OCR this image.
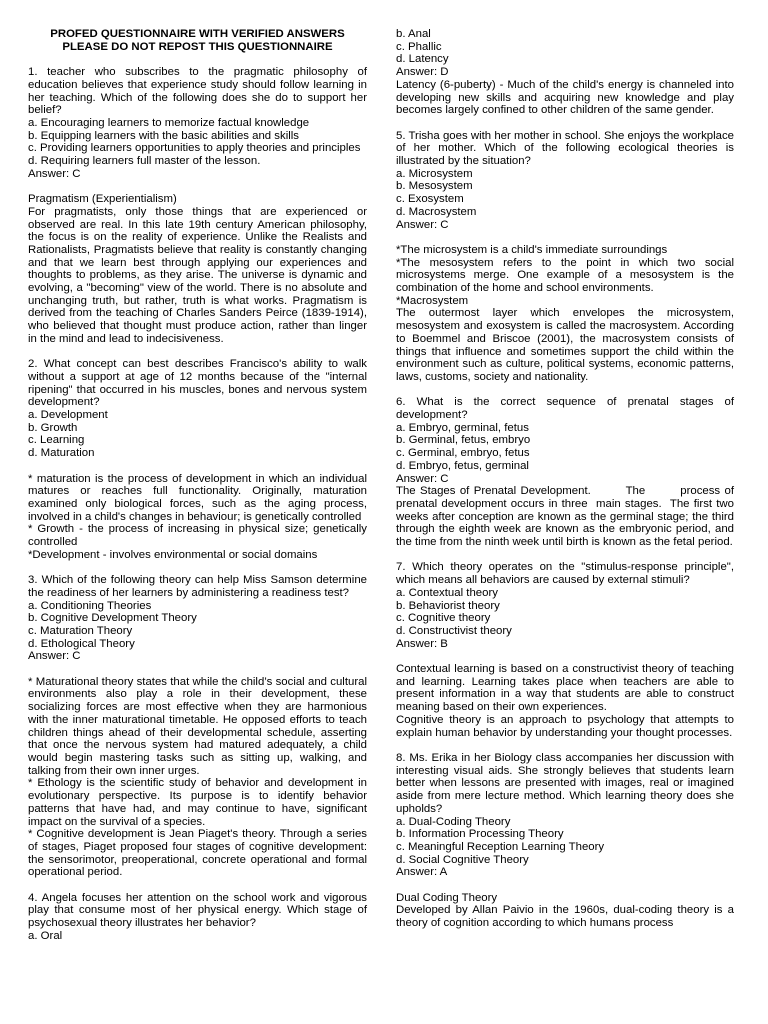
PROFED QUESTIONNAIRE WITH VERIFIED ANSWERS

PLEASE DO NOT REPOST THIS QUESTIONNAIRE

1. teacher who subscribes to the pragmatic philosophy of education believes that experience study should follow learning in her teaching. Which of the following does she do to support her belief?

a. Encouraging learners to memorize factual knowledge

b. Equipping learners with the basic abilities and skills

c. Providing learners opportunities to apply theories and principles

d. Requiring learners full master of the lesson.

Answer: C

Pragmatism (Experientialism)

For pragmatists, only those things that are experienced or observed are real. In this late 19th century American philosophy, the focus is on the reality of experience. Unlike the Realists and Rationalists, Pragmatists believe that reality is constantly changing and that we learn best through applying our experiences and thoughts to problems, as they arise. The universe is dynamic and evolving, a "becoming" view of the world. There is no absolute and unchanging truth, but rather, truth is what works. Pragmatism is derived from the teaching of Charles Sanders Peirce (1839-1914), who believed that thought must produce action, rather than linger in the mind and lead to indecisiveness.

2. What concept can best describes Francisco's ability to walk without a support at age of 12 months because of the "internal ripening" that occurred in his muscles, bones and nervous system development?

a. Development

b. Growth

c. Learning

d. Maturation

* maturation is the process of development in which an individual matures or reaches full functionality. Originally, maturation examined only biological forces, such as the aging process, involved in a child's changes in behaviour; is genetically controlled

* Growth - the process of increasing in physical size; genetically controlled

*Development - involves environmental or social domains

3. Which of the following theory can help Miss Samson determine the readiness of her learners by administering a readiness test?

a. Conditioning Theories

b. Cognitive Development Theory

c. Maturation Theory

d. Ethological Theory

Answer: C

* Maturational theory states that while the child’s social and cultural environments also play a role in their development, these socializing forces are most effective when they are harmonious with the inner maturational timetable. He opposed efforts to teach children things ahead of their developmental schedule, asserting that once the nervous system had matured adequately, a child would begin mastering tasks such as sitting up, walking, and talking from their own inner urges.

* Ethology is the scientific study of behavior and development in evolutionary perspective. Its purpose is to identify behavior patterns that have had, and may continue to have, significant impact on the survival of a species.

* Cognitive development is Jean Piaget's theory. Through a series of stages, Piaget proposed four stages of cognitive development: the sensorimotor, preoperational, concrete operational and formal operational period.

4. Angela focuses her attention on the school work and vigorous play that consume most of her physical energy. Which stage of psychosexual theory illustrates her behavior?

a. Oral

b. Anal

c. Phallic

d. Latency

Answer: D

Latency (6-puberty) - Much of the child's energy is channeled into developing new skills and acquiring new knowledge and play becomes largely confined to other children of the same gender.

5. Trisha goes with her mother in school. She enjoys the workplace of her mother. Which of the following ecological theories is illustrated by the situation?

a. Microsystem

b. Mesosystem

c. Exosystem

d. Macrosystem

Answer: C

*The microsystem is a child's immediate surroundings

*The mesosystem refers to the point in which two social microsystems merge. One example of a mesosystem is the combination of the home and school environments.

*Macrosystem

The outermost layer which envelopes the microsystem, mesosystem and exosystem is called the macrosystem. According to Boemmel and Briscoe (2001), the macrosystem consists of things that influence and sometimes support the child within the environment such as culture, political systems, economic patterns, laws, customs, society and nationality.

6. What is the correct sequence of prenatal stages of development?

a. Embryo, germinal, fetus

b. Germinal, fetus, embryo

c. Germinal, embryo, fetus

d. Embryo, fetus, germinal

Answer: C

The Stages of Prenatal Development.        The        process of prenatal development occurs in three  main stages.  The first two weeks after conception are known as the germinal stage; the third through the eighth week are known as the embryonic period, and the time from the ninth week until birth is known as the fetal period.

7. Which theory operates on the "stimulus-response principle", which means all behaviors are caused by external stimuli?

a. Contextual theory

b. Behaviorist theory

c. Cognitive theory

d. Constructivist theory

Answer: B

Contextual learning is based on a constructivist theory of teaching and learning. Learning takes place when teachers are able to present information in a way that students are able to construct meaning based on their own experiences.

Cognitive theory is an approach to psychology that attempts to explain human behavior by understanding your thought processes.

8. Ms. Erika in her Biology class accompanies her discussion with interesting visual aids. She strongly believes that students learn better when lessons are presented with images, real or imagined aside from mere lecture method. Which learning theory does she upholds?

a. Dual-Coding Theory

b. Information Processing Theory

c. Meaningful Reception Learning Theory

d. Social Cognitive Theory

Answer: A

Dual Coding Theory

Developed by Allan Paivio in the 1960s, dual-coding theory is a theory of cognition according to which humans process
